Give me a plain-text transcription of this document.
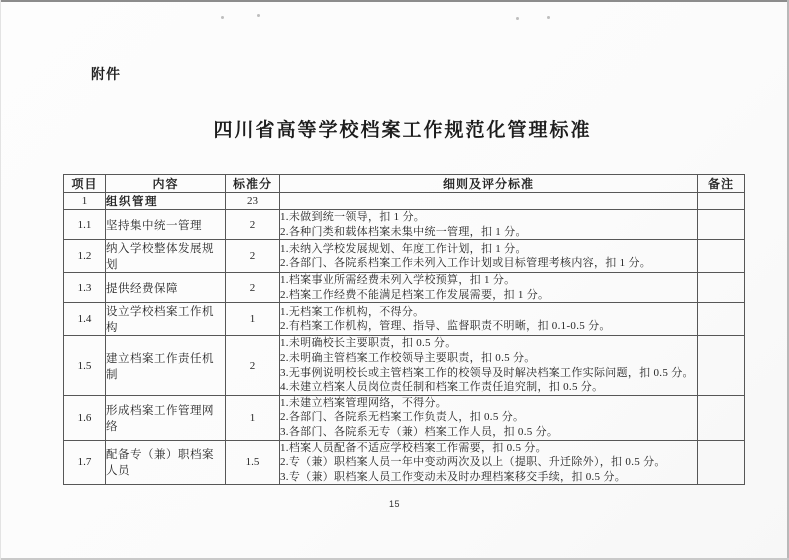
附件
四川省高等学校档案工作规范化管理标准
项目	内容	标准分	细则及评分标准	备注
1	组织管理	23		
1.1	坚持集中统一管理	2	1.未做到统一领导，扣 1 分。
2.各种门类和载体档案未集中统一管理，扣 1 分。	

1.2	纳入学校整体发展规划	2	1.未纳入学校发展规划、年度工作计划，扣 1 分。
2.各部门、各院系档案工作未列入工作计划或目标管理考核内容，扣 1 分。	

1.3	提供经费保障	2	1.档案事业所需经费未列入学校预算，扣 1 分。
2.档案工作经费不能满足档案工作发展需要，扣 1 分。	

1.4	设立学校档案工作机构	1	1.无档案工作机构，不得分。
2.有档案工作机构，管理、指导、监督职责不明晰，扣 0.1-0.5 分。	

1.5	建立档案工作责任机制	2	1.未明确校长主要职责，扣 0.5 分。
2.未明确主管档案工作校领导主要职责，扣 0.5 分。
3.无事例说明校长或主管档案工作的校领导及时解决档案工作实际问题，扣 0.5 分。
4.未建立档案人员岗位责任制和档案工作责任追究制，扣 0.5 分。	

1.6	形成档案工作管理网络	1	1.未建立档案管理网络，不得分。
2.各部门、各院系无档案工作负责人，扣 0.5 分。
3.各部门、各院系无专（兼）档案工作人员，扣 0.5 分。	

1.7	配备专（兼）职档案人员	1.5	1.档案人员配备不适应学校档案工作需要，扣 0.5 分。
2.专（兼）职档案人员一年中变动两次及以上（提职、升迁除外），扣 0.5 分。
3.专（兼）职档案人员工作变动未及时办理档案移交手续，扣 0.5 分。	

15
